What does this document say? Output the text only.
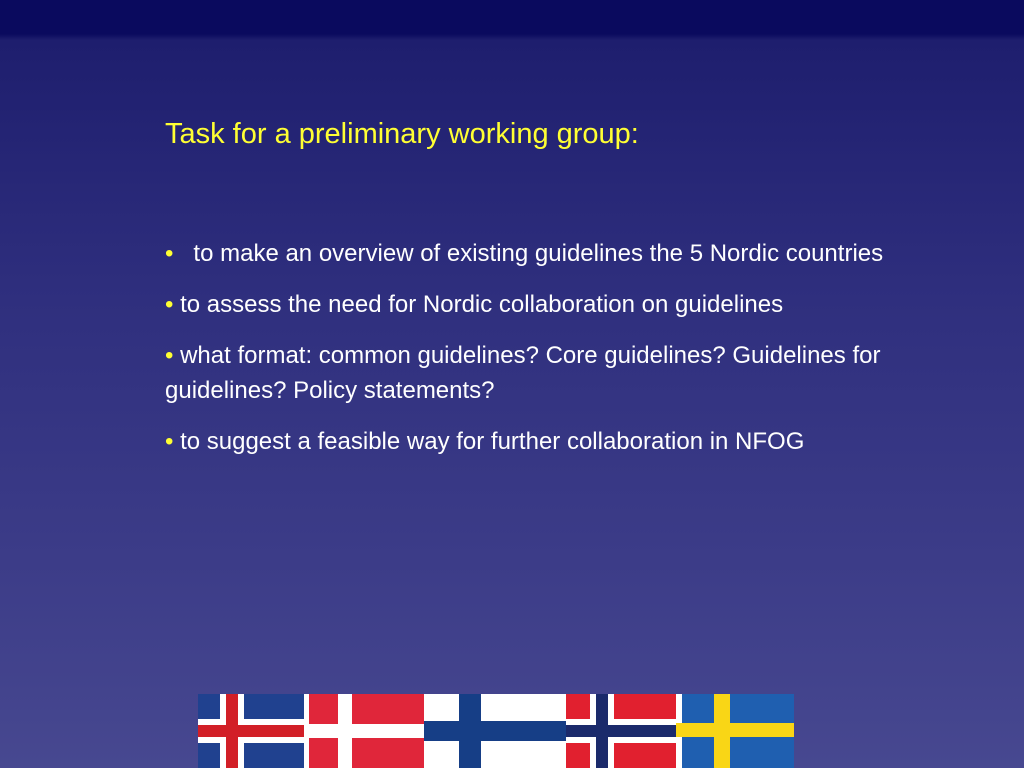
Task for a preliminary working group:
• to make an overview of existing guidelines the 5 Nordic countries
• to assess the need for Nordic collaboration on guidelines
• what format: common guidelines? Core guidelines? Guidelines for guidelines? Policy statements?
• to suggest a feasible way for further collaboration in NFOG
